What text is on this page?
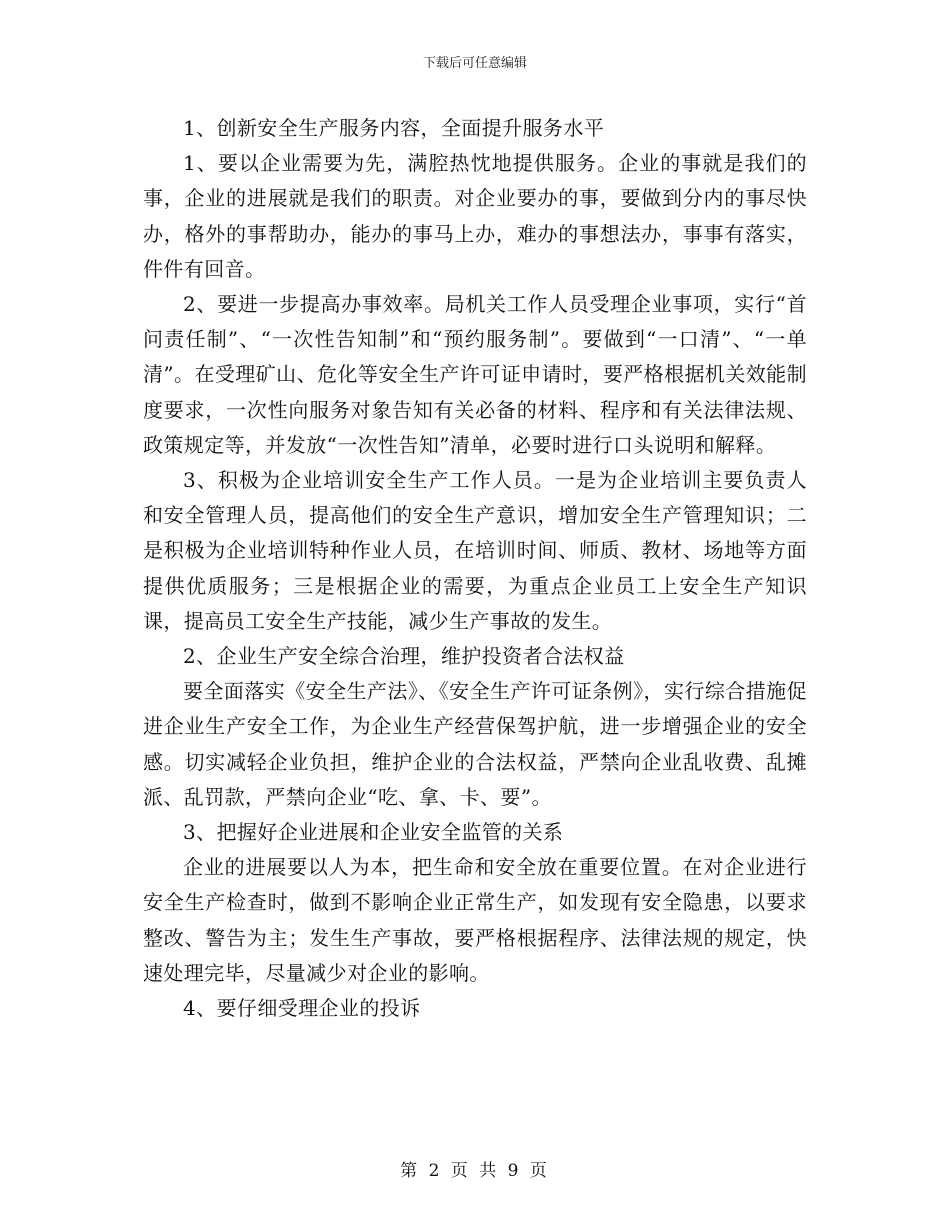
下载后可任意编辑

1、创新安全生产服务内容，全面提升服务水平

1、要以企业需要为先，满腔热忱地提供服务。企业的事就是我们的事，企业的进展就是我们的职责。对企业要办的事，要做到分内的事尽快办，格外的事帮助办，能办的事马上办，难办的事想法办，事事有落实，件件有回音。

2、要进一步提高办事效率。局机关工作人员受理企业事项，实行“首问责任制”、“一次性告知制”和“预约服务制”。要做到“一口清”、“一单清”。在受理矿山、危化等安全生产许可证申请时，要严格根据机关效能制度要求，一次性向服务对象告知有关必备的材料、程序和有关法律法规、政策规定等，并发放“一次性告知”清单，必要时进行口头说明和解释。

3、积极为企业培训安全生产工作人员。一是为企业培训主要负责人和安全管理人员，提高他们的安全生产意识，增加安全生产管理知识；二是积极为企业培训特种作业人员，在培训时间、师质、教材、场地等方面提供优质服务；三是根据企业的需要，为重点企业员工上安全生产知识课，提高员工安全生产技能，减少生产事故的发生。

2、企业生产安全综合治理，维护投资者合法权益

要全面落实《安全生产法》、《安全生产许可证条例》，实行综合措施促进企业生产安全工作，为企业生产经营保驾护航，进一步增强企业的安全感。切实减轻企业负担，维护企业的合法权益，严禁向企业乱收费、乱摊派、乱罚款，严禁向企业“吃、拿、卡、要”。

3、把握好企业进展和企业安全监管的关系

企业的进展要以人为本，把生命和安全放在重要位置。在对企业进行安全生产检查时，做到不影响企业正常生产，如发现有安全隐患，以要求整改、警告为主；发生生产事故，要严格根据程序、法律法规的规定，快速处理完毕，尽量减少对企业的影响。

4、要仔细受理企业的投诉

第 2 页 共 9 页
